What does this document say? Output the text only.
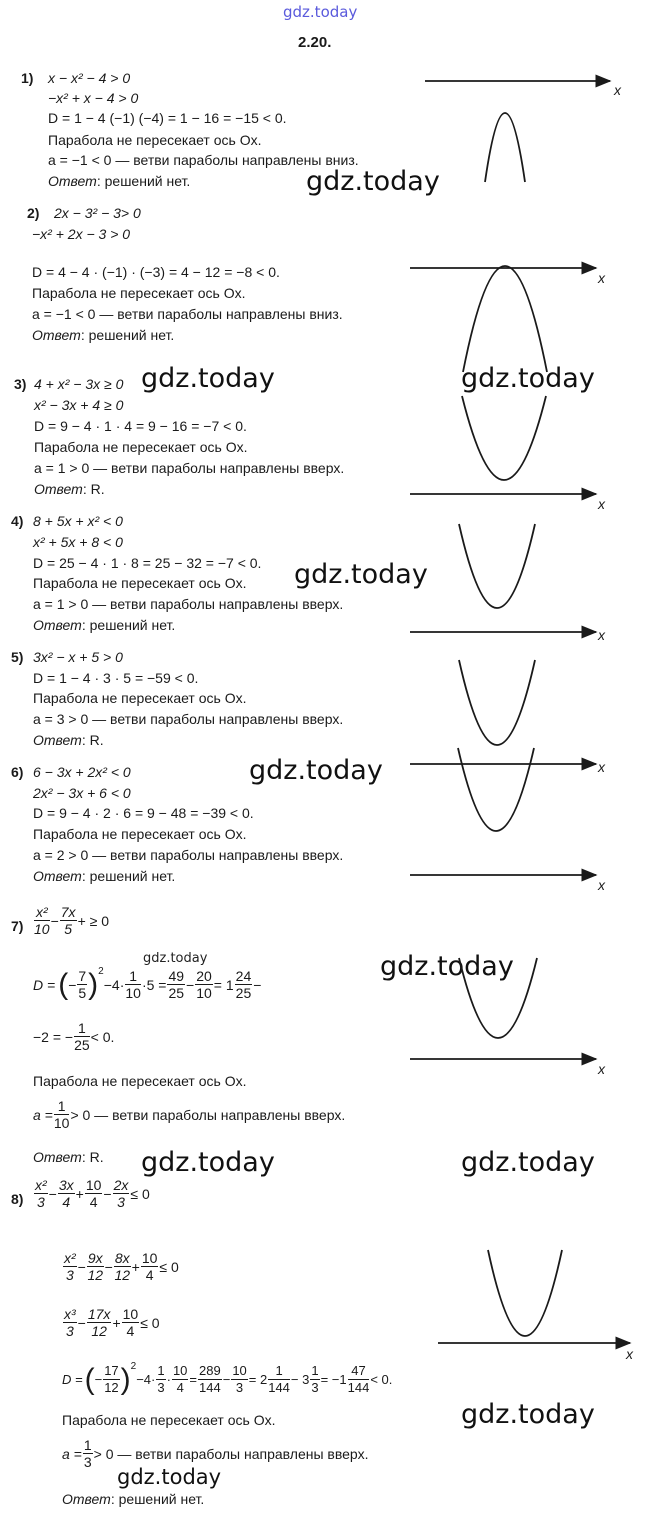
gdz.today
2.20.
gdz.today
gdz.today	gdz.today
gdz.today
gdz.today
gdz.today
gdz.today
gdz.today	gdz.today
gdz.today
gdz.today
1) x − x² − 4 > 0
−x² + x − 4 > 0
D = 1 − 4 (−1) (−4) = 1 − 16 = −15 < 0.
Парабола не пересекает ось Ox.
a = −1 < 0 — ветви параболы направлены вниз.
Ответ: решений нет.
2) 2x − 3² − 3> 0
−x² + 2x − 3 > 0
D = 4 − 4 · (−1) · (−3) = 4 − 12 = −8 < 0.
Парабола не пересекает ось Ox.
a = −1 < 0 — ветви параболы направлены вниз.
Ответ: решений нет.
3) 4 + x² − 3x ≥ 0
x² − 3x + 4 ≥ 0
D = 9 − 4 · 1 · 4 = 9 − 16 = −7 < 0.
Парабола не пересекает ось Ox.
a = 1 > 0 — ветви параболы направлены вверх.
Ответ: R.
4) 8 + 5x + x² < 0
x² + 5x + 8 < 0
D = 25 − 4 · 1 · 8 = 25 − 32 = −7 < 0.
Парабола не пересекает ось Ox.
a = 1 > 0 — ветви параболы направлены вверх.
Ответ: решений нет.
5) 3x² − x + 5 > 0
D = 1 − 4 · 3 · 5 = −59 < 0.
Парабола не пересекает ось Ox.
a = 3 > 0 — ветви параболы направлены вверх.
Ответ: R.
6) 6 − 3x + 2x² < 0
2x² − 3x + 6 < 0
D = 9 − 4 · 2 · 6 = 9 − 48 = −39 < 0.
Парабола не пересекает ось Ox.
a = 2 > 0 — ветви параболы направлены вверх.
Ответ: решений нет.
$7) \frac{\text{x²}}{10} - \frac{7x}{5}$ + ≥ 0
D = ( − $\frac{7}{5}$ ) 2
$-4\cdot \frac{1}{10} \cdot 5 = \frac{49}{25} - \frac{20}{10} = 1 \frac{24}{25}$ −
−2 = − $\frac{1}{25} < 0$.
Парабола не пересекает ось Ox.
$a = \frac{1}{10} > 0$ — ветви параболы направлены вверх.
Ответ: R.
$8) \frac{\text{x²}}{3} - \frac{3x}{4} + \frac{10}{4} - \frac{2x}{3} \le 0$
$\frac{\text{x²}}{3} - \frac{9x}{12} - \frac{8x}{12} + \frac{10}{4} \le 0$
$\frac{\text{x³}}{3} - \frac{17x}{12} + \frac{10}{4} \le 0$
D = ( − $\frac{17}{12}$ ) 2
$-4\cdot \frac{1}{3} \cdot \frac{10}{4} = \frac{289}{144} - \frac{10}{3} = 2 \frac{1}{144} - 3 \frac{1}{3} = -1 \frac{47}{144} < 0$.
Парабола не пересекает ось Ox.
$a = \frac{1}{3} > 0$ — ветви параболы направлены вверх.
Ответ: решений нет.
x
x
x
x
x
x
x
x
